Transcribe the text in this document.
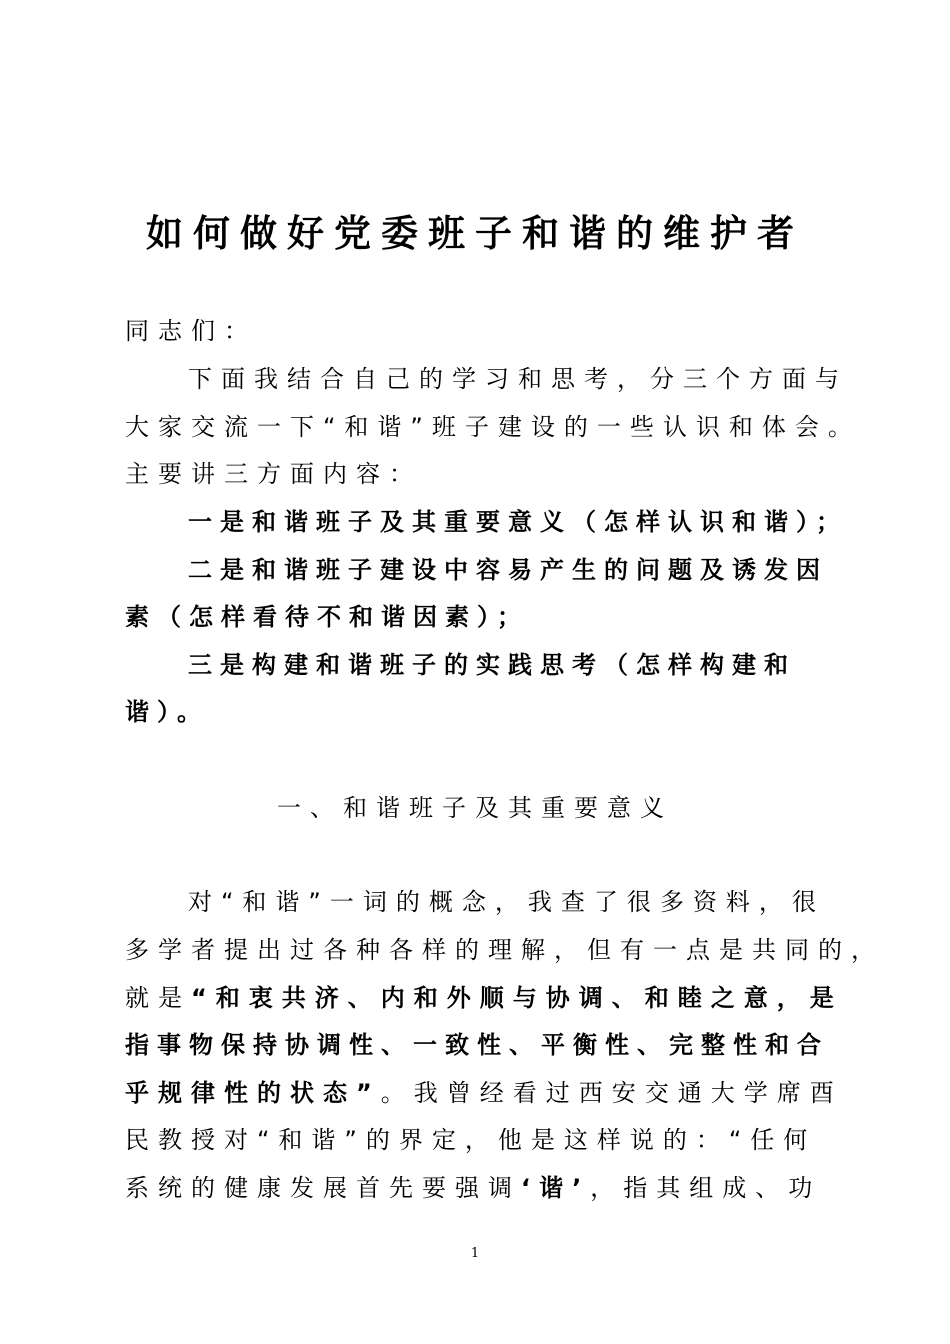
如何做好党委班子和谐的维护者
同志们：
下面我结合自己的学习和思考，分三个方面与
大家交流一下“和谐”班子建设的一些认识和体会。
主要讲三方面内容：
一是和谐班子及其重要意义（怎样认识和谐）；
二是和谐班子建设中容易产生的问题及诱发因
素（怎样看待不和谐因素）；
三是构建和谐班子的实践思考（怎样构建和
谐）。
一、和谐班子及其重要意义
对“和谐”一词的概念，我查了很多资料，很
多学者提出过各种各样的理解，但有一点是共同的，
就是“和衷共济、内和外顺与协调、和睦之意，是
指事物保持协调性、一致性、平衡性、完整性和合
乎规律性的状态”。我曾经看过西安交通大学席酉
民教授对“和谐”的界定，他是这样说的：“任何
系统的健康发展首先要强调‘谐’，指其组成、功
1
